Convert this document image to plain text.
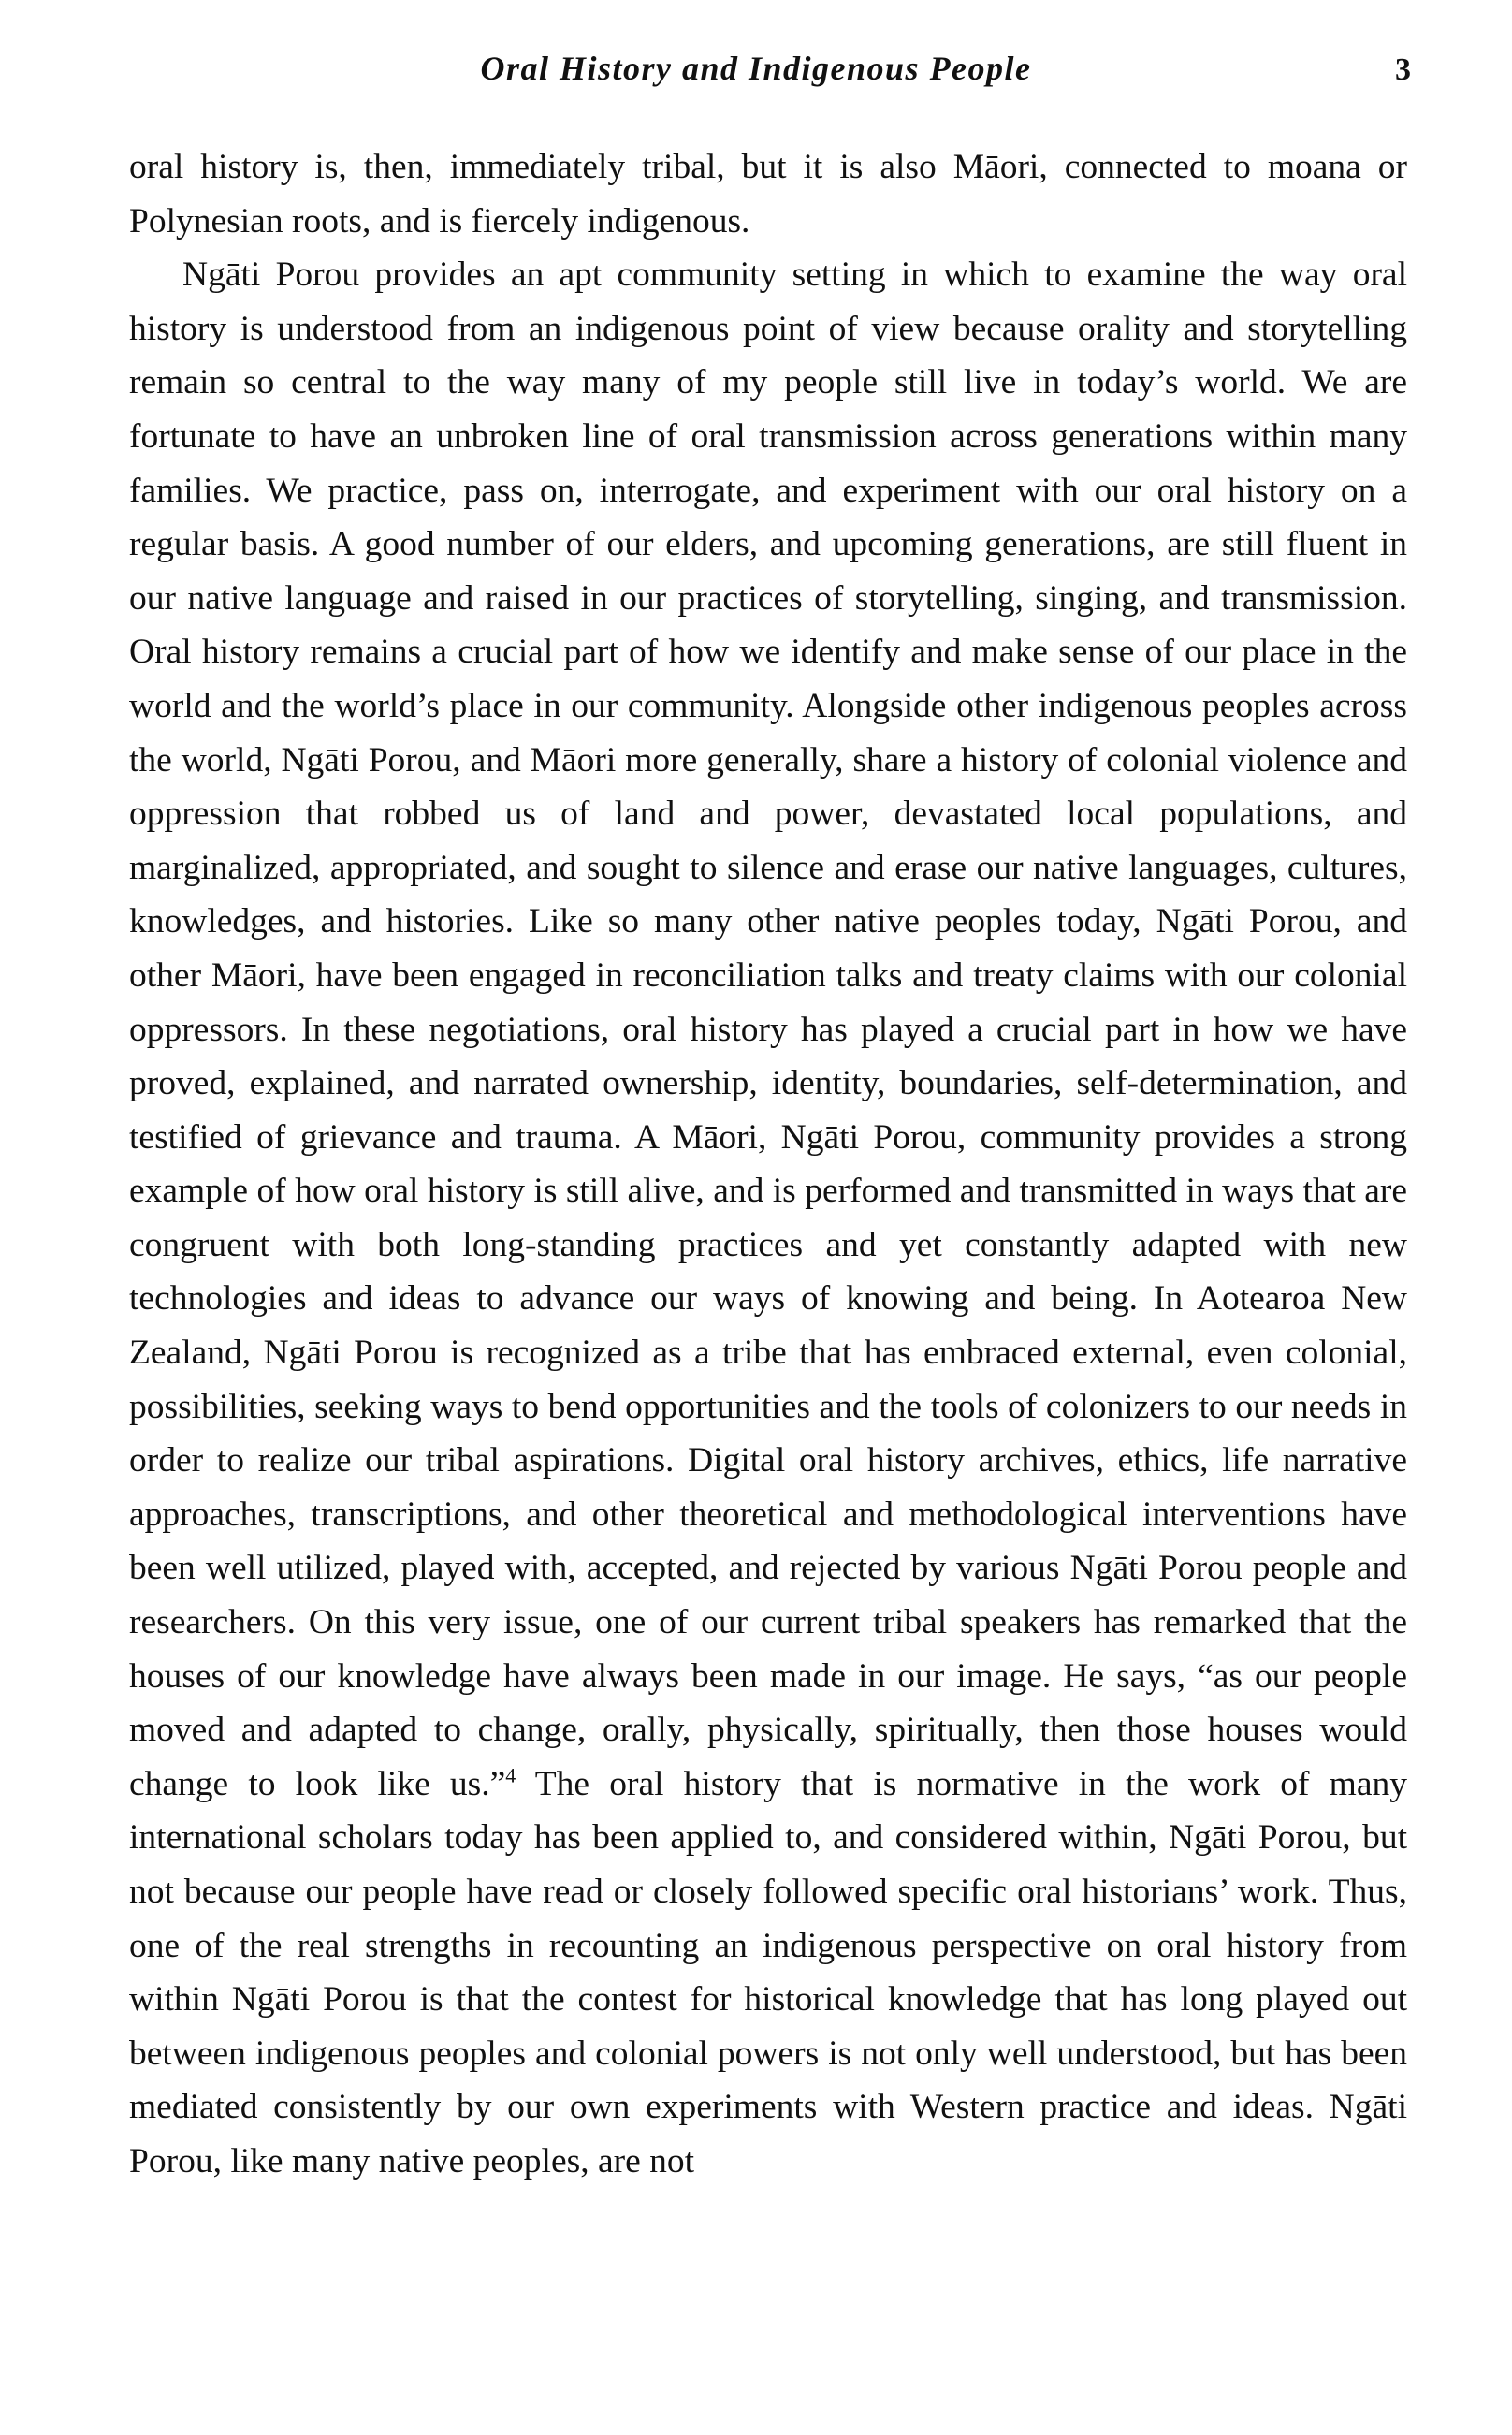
Oral History and Indigenous People	3

oral history is, then, immediately tribal, but it is also Māori, connected to moana or Polynesian roots, and is fiercely indigenous.

Ngāti Porou provides an apt community setting in which to examine the way oral history is understood from an indigenous point of view because orality and storytelling remain so central to the way many of my people still live in today’s world. We are fortunate to have an unbroken line of oral transmission across generations within many families. We practice, pass on, interrogate, and experiment with our oral history on a regular basis. A good number of our elders, and upcoming generations, are still fluent in our native language and raised in our practices of storytelling, singing, and transmission. Oral history remains a crucial part of how we identify and make sense of our place in the world and the world’s place in our community. Alongside other indigenous peoples across the world, Ngāti Porou, and Māori more generally, share a history of colonial violence and oppression that robbed us of land and power, devastated local populations, and marginalized, appropriated, and sought to silence and erase our native languages, cultures, knowledges, and histories. Like so many other native peoples today, Ngāti Porou, and other Māori, have been engaged in reconciliation talks and treaty claims with our colonial oppressors. In these negotiations, oral history has played a crucial part in how we have proved, explained, and narrated ownership, identity, boundaries, self-determination, and testified of grievance and trauma. A Māori, Ngāti Porou, community provides a strong example of how oral history is still alive, and is performed and transmitted in ways that are congruent with both long-standing practices and yet constantly adapted with new technologies and ideas to advance our ways of knowing and being. In Aotearoa New Zealand, Ngāti Porou is recognized as a tribe that has embraced external, even colonial, possibilities, seeking ways to bend opportunities and the tools of colonizers to our needs in order to realize our tribal aspirations. Digital oral history archives, ethics, life narrative approaches, transcriptions, and other theoretical and methodological interventions have been well utilized, played with, accepted, and rejected by various Ngāti Porou people and researchers. On this very issue, one of our current tribal speakers has remarked that the houses of our knowledge have always been made in our image. He says, “as our people moved and adapted to change, orally, physically, spiritually, then those houses would change to look like us.”$^4$ The oral history that is normative in the work of many international scholars today has been applied to, and considered within, Ngāti Porou, but not because our people have read or closely followed specific oral historians’ work. Thus, one of the real strengths in recounting an indigenous perspective on oral history from within Ngāti Porou is that the contest for historical knowledge that has long played out between indigenous peoples and colonial powers is not only well understood, but has been mediated consistently by our own experiments with Western practice and ideas. Ngāti Porou, like many native peoples, are not
